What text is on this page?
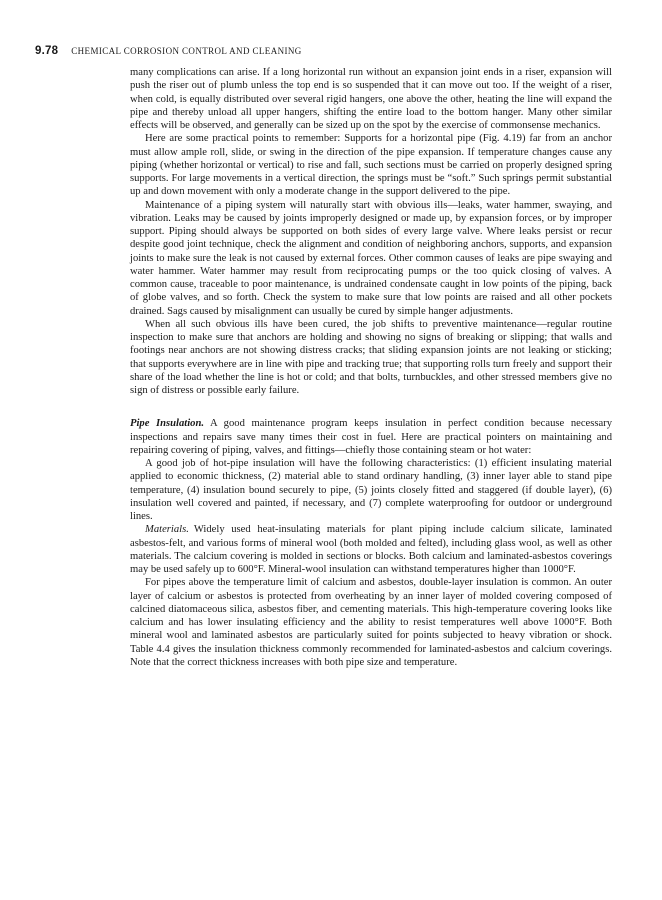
9.78 CHEMICAL CORROSION CONTROL AND CLEANING

many complications can arise. If a long horizontal run without an expansion joint ends in a riser, expansion will push the riser out of plumb unless the top end is so suspended that it can move out too. If the weight of a riser, when cold, is equally distributed over several rigid hangers, one above the other, heating the line will expand the pipe and thereby unload all upper hangers, shifting the entire load to the bottom hanger. Many other similar effects will be observed, and generally can be sized up on the spot by the exercise of commonsense mechanics.

Here are some practical points to remember: Supports for a horizontal pipe (Fig. 4.19) far from an anchor must allow ample roll, slide, or swing in the direction of the pipe expansion. If temperature changes cause any piping (whether horizontal or vertical) to rise and fall, such sections must be carried on properly designed spring supports. For large movements in a vertical direction, the springs must be “soft.” Such springs permit substantial up and down movement with only a moderate change in the support delivered to the pipe.

Maintenance of a piping system will naturally start with obvious ills—leaks, water hammer, swaying, and vibration. Leaks may be caused by joints improperly designed or made up, by expansion forces, or by improper support. Piping should always be supported on both sides of every large valve. Where leaks persist or recur despite good joint technique, check the alignment and condition of neighboring anchors, supports, and expansion joints to make sure the leak is not caused by external forces. Other common causes of leaks are pipe swaying and water hammer. Water hammer may result from reciprocating pumps or the too quick closing of valves. A common cause, traceable to poor maintenance, is undrained condensate caught in low points of the piping, back of globe valves, and so forth. Check the system to make sure that low points are raised and all other pockets drained. Sags caused by misalignment can usually be cured by simple hanger adjustments.

When all such obvious ills have been cured, the job shifts to preventive maintenance—regular routine inspection to make sure that anchors are holding and showing no signs of breaking or slipping; that walls and footings near anchors are not showing distress cracks; that sliding expansion joints are not leaking or sticking; that supports everywhere are in line with pipe and tracking true; that supporting rolls turn freely and support their share of the load whether the line is hot or cold; and that bolts, turnbuckles, and other stressed members give no sign of distress or possible early failure.

Pipe Insulation. A good maintenance program keeps insulation in perfect condition because necessary inspections and repairs save many times their cost in fuel. Here are practical pointers on maintaining and repairing covering of piping, valves, and fittings—chiefly those containing steam or hot water:

A good job of hot-pipe insulation will have the following characteristics: (1) efficient insulating material applied to economic thickness, (2) material able to stand ordinary handling, (3) inner layer able to stand pipe temperature, (4) insulation bound securely to pipe, (5) joints closely fitted and staggered (if double layer), (6) insulation well covered and painted, if necessary, and (7) complete waterproofing for outdoor or underground lines.

Materials. Widely used heat-insulating materials for plant piping include calcium silicate, laminated asbestos-felt, and various forms of mineral wool (both molded and felted), including glass wool, as well as other materials. The calcium covering is molded in sections or blocks. Both calcium and laminated-asbestos coverings may be used safely up to 600°F. Mineral-wool insulation can withstand temperatures higher than 1000°F.

For pipes above the temperature limit of calcium and asbestos, double-layer insulation is common. An outer layer of calcium or asbestos is protected from overheating by an inner layer of molded covering composed of calcined diatomaceous silica, asbestos fiber, and cementing materials. This high-temperature covering looks like calcium and has lower insulating efficiency and the ability to resist temperatures well above 1000°F. Both mineral wool and laminated asbestos are particularly suited for points subjected to heavy vibration or shock. Table 4.4 gives the insulation thickness commonly recommended for laminated-asbestos and calcium coverings. Note that the correct thickness increases with both pipe size and temperature.
